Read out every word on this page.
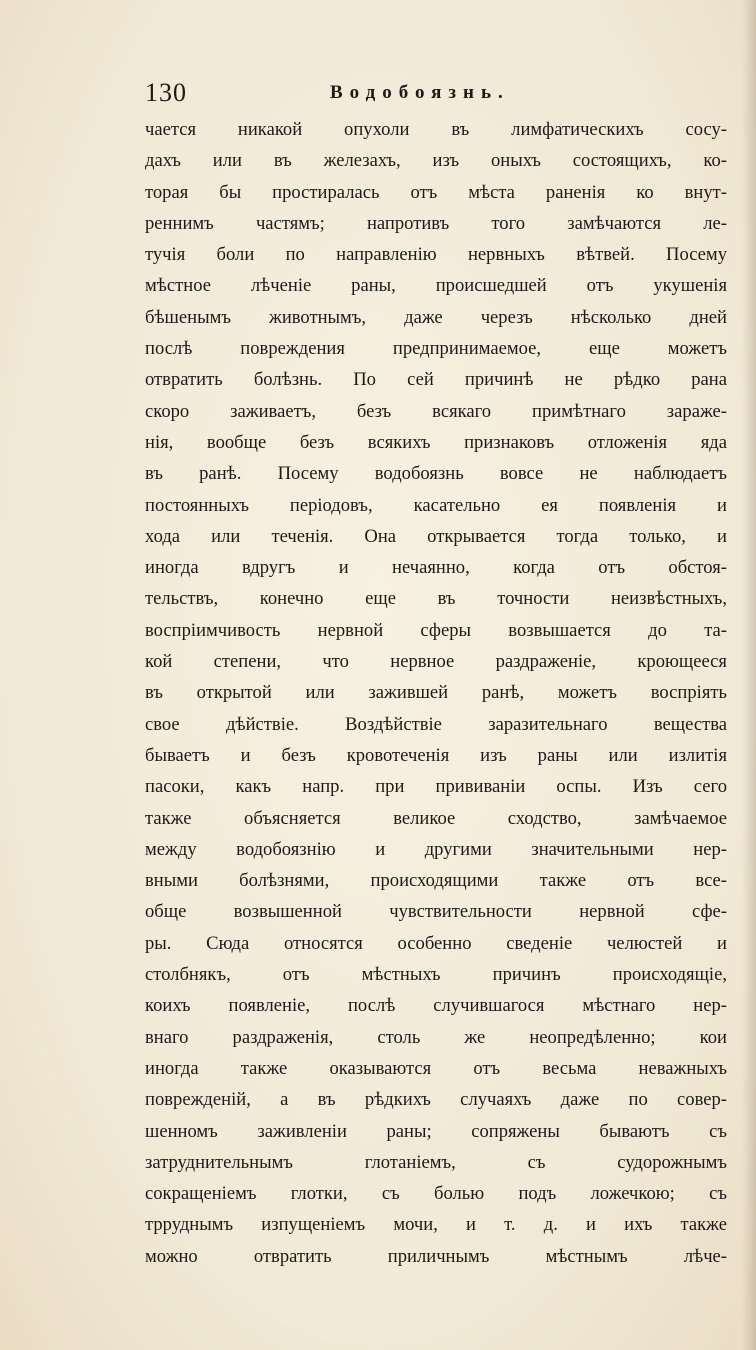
130	Водобоязнь.
чается никакой опухоли въ лимфатическихъ сосу-
дахъ или въ железахъ, изъ оныхъ состоящихъ, ко-
торая бы простиралась отъ мѣста раненія ко внут-
реннимъ частямъ; напротивъ того замѣчаются ле-
тучія боли по направленію нервныхъ вѣтвей. Посему
мѣстное лѣченіе раны, происшедшей отъ укушенія
бѣшенымъ животнымъ, даже черезъ нѣсколько дней
послѣ повреждения предпринимаемое, еще можетъ
отвратить болѣзнь. По сей причинѣ не рѣдко рана
скоро заживаетъ, безъ всякаго примѣтнаго зараже-
нія, вообще безъ всякихъ признаковъ отложенія яда
въ ранѣ. Посему водобоязнь вовсе не наблюдаетъ
постоянныхъ періодовъ, касательно ея появленія и
хода или теченія. Она открывается тогда только, и
иногда вдругъ и нечаянно, когда отъ обстоя-
тельствъ, конечно еще въ точности неизвѣстныхъ,
воспріимчивость нервной сферы возвышается до та-
кой степени, что нервное раздраженіе, кроющееся
въ открытой или зажившей ранѣ, можетъ воспріять
свое дѣйствіе. Воздѣйствіе заразительнаго вещества
бываетъ и безъ кровотеченія изъ раны или излитія
пасоки, какъ напр. при прививаніи оспы. Изъ сего
также объясняется великое сходство, замѣчаемое
между водобоязнію и другими значительными нер-
вными болѣзнями, происходящими также отъ все-
обще возвышенной чувствительности нервной сфе-
ры. Сюда относятся особенно сведеніе челюстей и
столбнякъ, отъ мѣстныхъ причинъ происходящіе,
коихъ появленіе, послѣ случившагося мѣстнаго нер-
внаго раздраженія, столь же неопредѣленно; кои
иногда также оказываются отъ весьма неважныхъ
поврежденій, а въ рѣдкихъ случаяхъ даже по совер-
шенномъ заживленіи раны; сопряжены бываютъ съ
затруднительнымъ глотаніемъ, съ судорожнымъ
сокращеніемъ глотки, съ болью подъ ложечкою; съ
трруднымъ изпущеніемъ мочи, и т. д. и ихъ также
можно отвратить приличнымъ мѣстнымъ лѣче-
